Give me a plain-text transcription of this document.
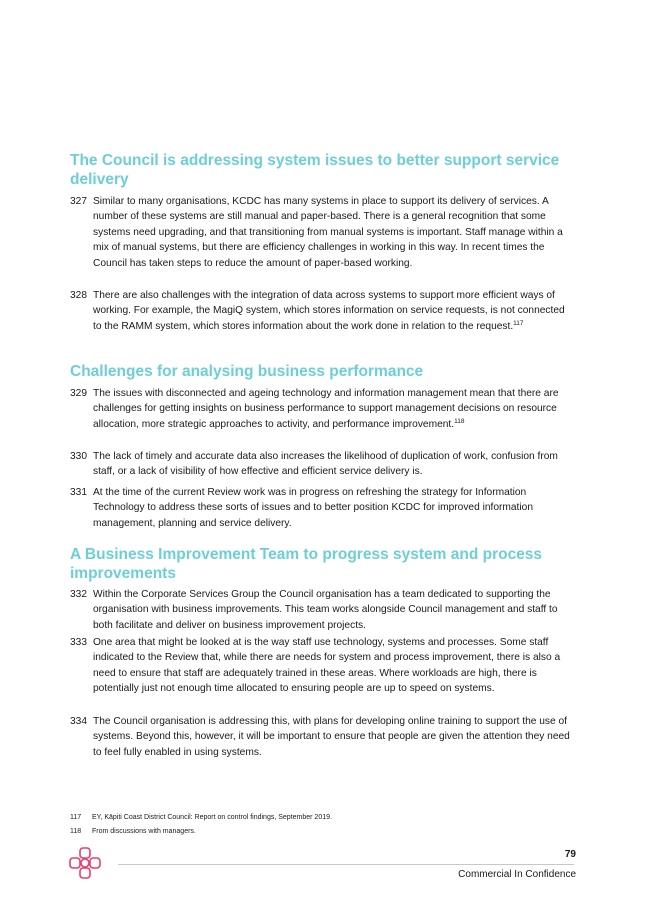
The Council is addressing system issues to better support service delivery
327 Similar to many organisations, KCDC has many systems in place to support its delivery of services. A number of these systems are still manual and paper-based. There is a general recognition that some systems need upgrading, and that transitioning from manual systems is important. Staff manage within a mix of manual systems, but there are efficiency challenges in working in this way. In recent times the Council has taken steps to reduce the amount of paper-based working.
328 There are also challenges with the integration of data across systems to support more efficient ways of working. For example, the MagiQ system, which stores information on service requests, is not connected to the RAMM system, which stores information about the work done in relation to the request.$^{117}$
Challenges for analysing business performance
329 The issues with disconnected and ageing technology and information management mean that there are challenges for getting insights on business performance to support management decisions on resource allocation, more strategic approaches to activity, and performance improvement.$^{118}$
330 The lack of timely and accurate data also increases the likelihood of duplication of work, confusion from staff, or a lack of visibility of how effective and efficient service delivery is.
331 At the time of the current Review work was in progress on refreshing the strategy for Information Technology to address these sorts of issues and to better position KCDC for improved information management, planning and service delivery.
A Business Improvement Team to progress system and process improvements
332 Within the Corporate Services Group the Council organisation has a team dedicated to supporting the organisation with business improvements. This team works alongside Council management and staff to both facilitate and deliver on business improvement projects.
333 One area that might be looked at is the way staff use technology, systems and processes. Some staff indicated to the Review that, while there are needs for system and process improvement, there is also a need to ensure that staff are adequately trained in these areas. Where workloads are high, there is potentially just not enough time allocated to ensuring people are up to speed on systems.
334 The Council organisation is addressing this, with plans for developing online training to support the use of systems. Beyond this, however, it will be important to ensure that people are given the attention they need to feel fully enabled in using systems.
117 EY, Kāpiti Coast District Council: Report on control findings, September 2019.
118 From discussions with managers.
79
Commercial In Confidence
